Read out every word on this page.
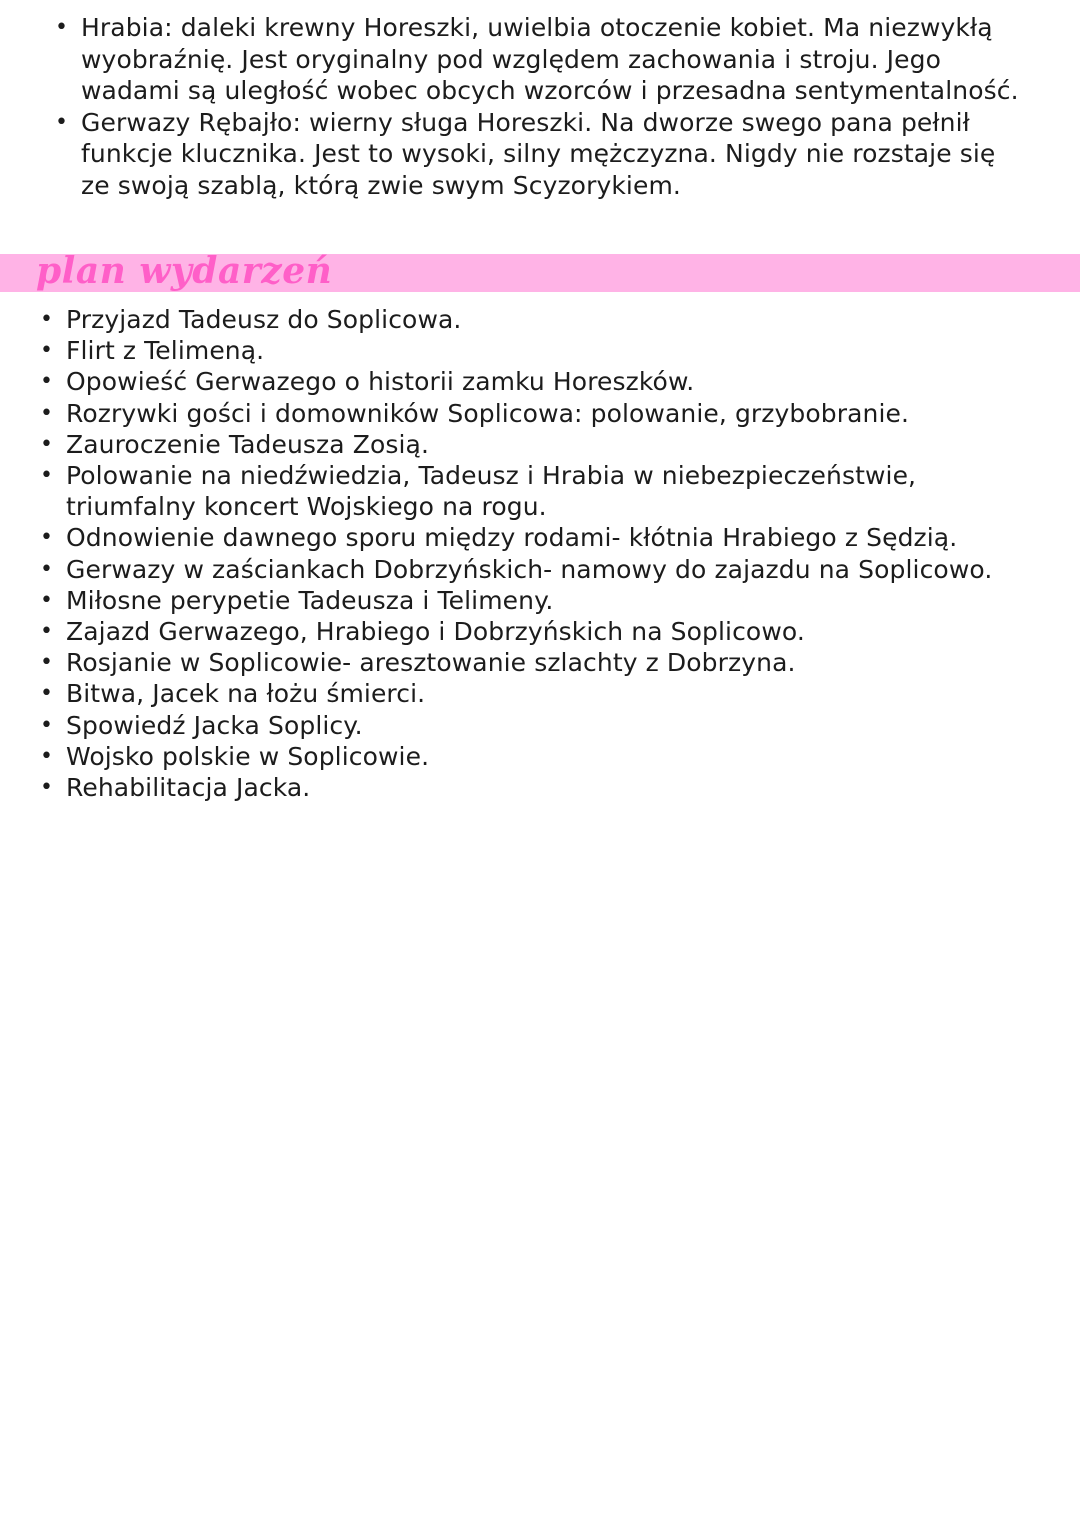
• Hrabia: daleki krewny Horeszki, uwielbia otoczenie kobiet. Ma niezwykłą wyobraźnię. Jest oryginalny pod względem zachowania i stroju. Jego wadami są uległość wobec obcych wzorców i przesadna sentymentalność.
• Gerwazy Rębajło: wierny sługa Horeszki. Na dworze swego pana pełnił funkcje klucznika. Jest to wysoki, silny mężczyzna. Nigdy nie rozstaje się ze swoją szablą, którą zwie swym Scyzorykiem.
plan wydarzeń
• Przyjazd Tadeusz do Soplicowa.
• Flirt z Telimeną.
• Opowieść Gerwazego o historii zamku Horeszków.
• Rozrywki gości i domowników Soplicowa: polowanie, grzybobranie.
• Zauroczenie Tadeusza Zosią.
• Polowanie na niedźwiedzia, Tadeusz i Hrabia w niebezpieczeństwie, triumfalny koncert Wojskiego na rogu.
• Odnowienie dawnego sporu między rodami- kłótnia Hrabiego z Sędzią.
• Gerwazy w zaściankach Dobrzyńskich- namowy do zajazdu na Soplicowo.
• Miłosne perypetie Tadeusza i Telimeny.
• Zajazd Gerwazego, Hrabiego i Dobrzyńskich na Soplicowo.
• Rosjanie w Soplicowie- aresztowanie szlachty z Dobrzyna.
• Bitwa, Jacek na łożu śmierci.
• Spowiedź Jacka Soplicy.
• Wojsko polskie w Soplicowie.
• Rehabilitacja Jacka.
